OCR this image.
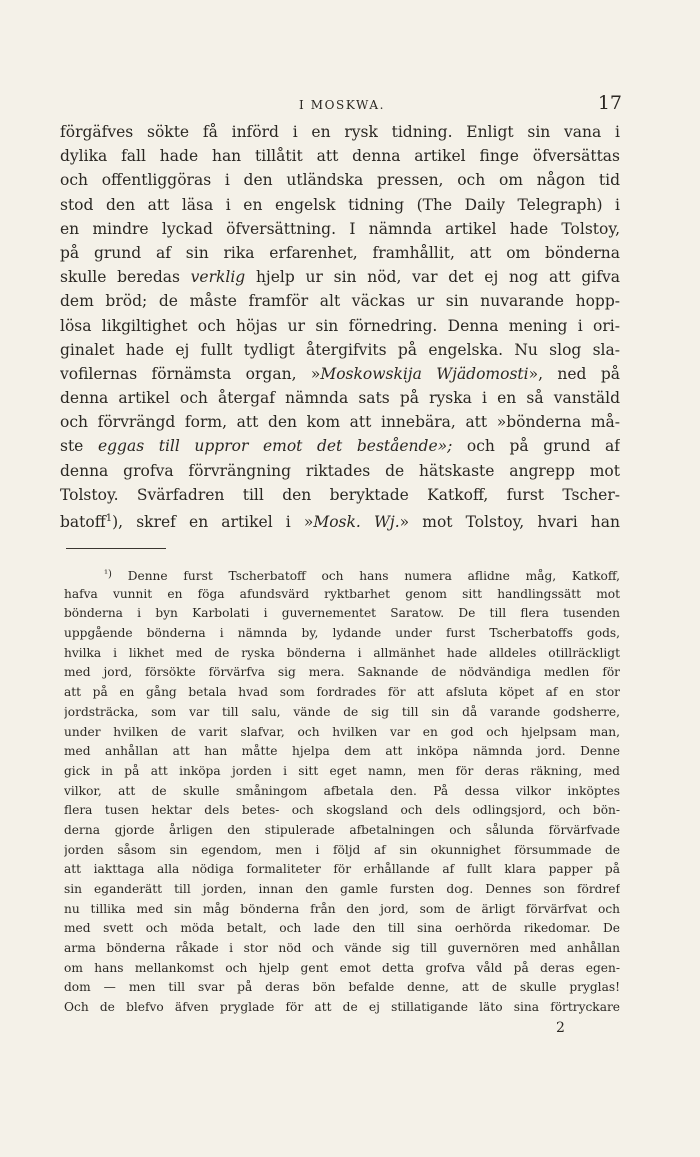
I MOSKWA.	17
förgäfves sökte få införd i en rysk tidning. Enligt sin vana i
dylika fall hade han tillåtit att denna artikel finge öfversättas
och offentliggöras i den utländska pressen, och om någon tid
stod den att läsa i en engelsk tidning (The Daily Telegraph) i
en mindre lyckad öfversättning. I nämnda artikel hade Tolstoy,
på grund af sin rika erfarenhet, framhållit, att om bönderna
skulle beredas verklig hjelp ur sin nöd, var det ej nog att gifva
dem bröd; de måste framför alt väckas ur sin nuvarande hopp-
lösa likgiltighet och höjas ur sin förnedring. Denna mening i ori-
ginalet hade ej fullt tydligt återgifvits på engelska. Nu slog sla-
vofilernas förnämsta organ, »Moskowskija Wjädomosti», ned på
denna artikel och återgaf nämnda sats på ryska i en så vanstäld
och förvrängd form, att den kom att innebära, att »bönderna må-
ste eggas till uppror emot det bestående»; och på grund af
denna grofva förvrängning riktades de hätskaste angrepp mot
Tolstoy. Svärfadren till den beryktade Katkoff, furst Tscher-
batoff$^1$), skref en artikel i »Mosk. Wj.» mot Tolstoy, hvari han
$^{^1)}$ Denne furst Tscherbatoff och hans numera aflidne måg, Katkoff,
hafva vunnit en föga afundsvärd ryktbarhet genom sitt handlingssätt mot
bönderna i byn Karbolati i guvernementet Saratow. De till flera tusenden
uppgående bönderna i nämnda by, lydande under furst Tscherbatoffs gods,
hvilka i likhet med de ryska bönderna i allmänhet hade alldeles otillräckligt
med jord, försökte förvärfva sig mera. Saknande de nödvändiga medlen för
att på en gång betala hvad som fordrades för att afsluta köpet af en stor
jordsträcka, som var till salu, vände de sig till sin då varande godsherre,
under hvilken de varit slafvar, och hvilken var en god och hjelpsam man,
med anhållan att han måtte hjelpa dem att inköpa nämnda jord. Denne
gick in på att inköpa jorden i sitt eget namn, men för deras räkning, med
vilkor, att de skulle småningom afbetala den. På dessa vilkor inköptes
flera tusen hektar dels betes- och skogsland och dels odlingsjord, och bön-
derna gjorde årligen den stipulerade afbetalningen och sålunda förvärfvade
jorden såsom sin egendom, men i följd af sin okunnighet försummade de
att iakttaga alla nödiga formaliteter för erhållande af fullt klara papper på
sin eganderätt till jorden, innan den gamle fursten dog. Dennes son fördref
nu tillika med sin måg bönderna från den jord, som de ärligt förvärfvat och
med svett och möda betalt, och lade den till sina oerhörda rikedomar. De
arma bönderna råkade i stor nöd och vände sig till guvernören med anhållan
om hans mellankomst och hjelp gent emot detta grofva våld på deras egen-
dom — men till svar på deras bön befalde denne, att de skulle pryglas!
Och de blefvo äfven pryglade för att de ej stillatigande läto sina förtryckare
2
